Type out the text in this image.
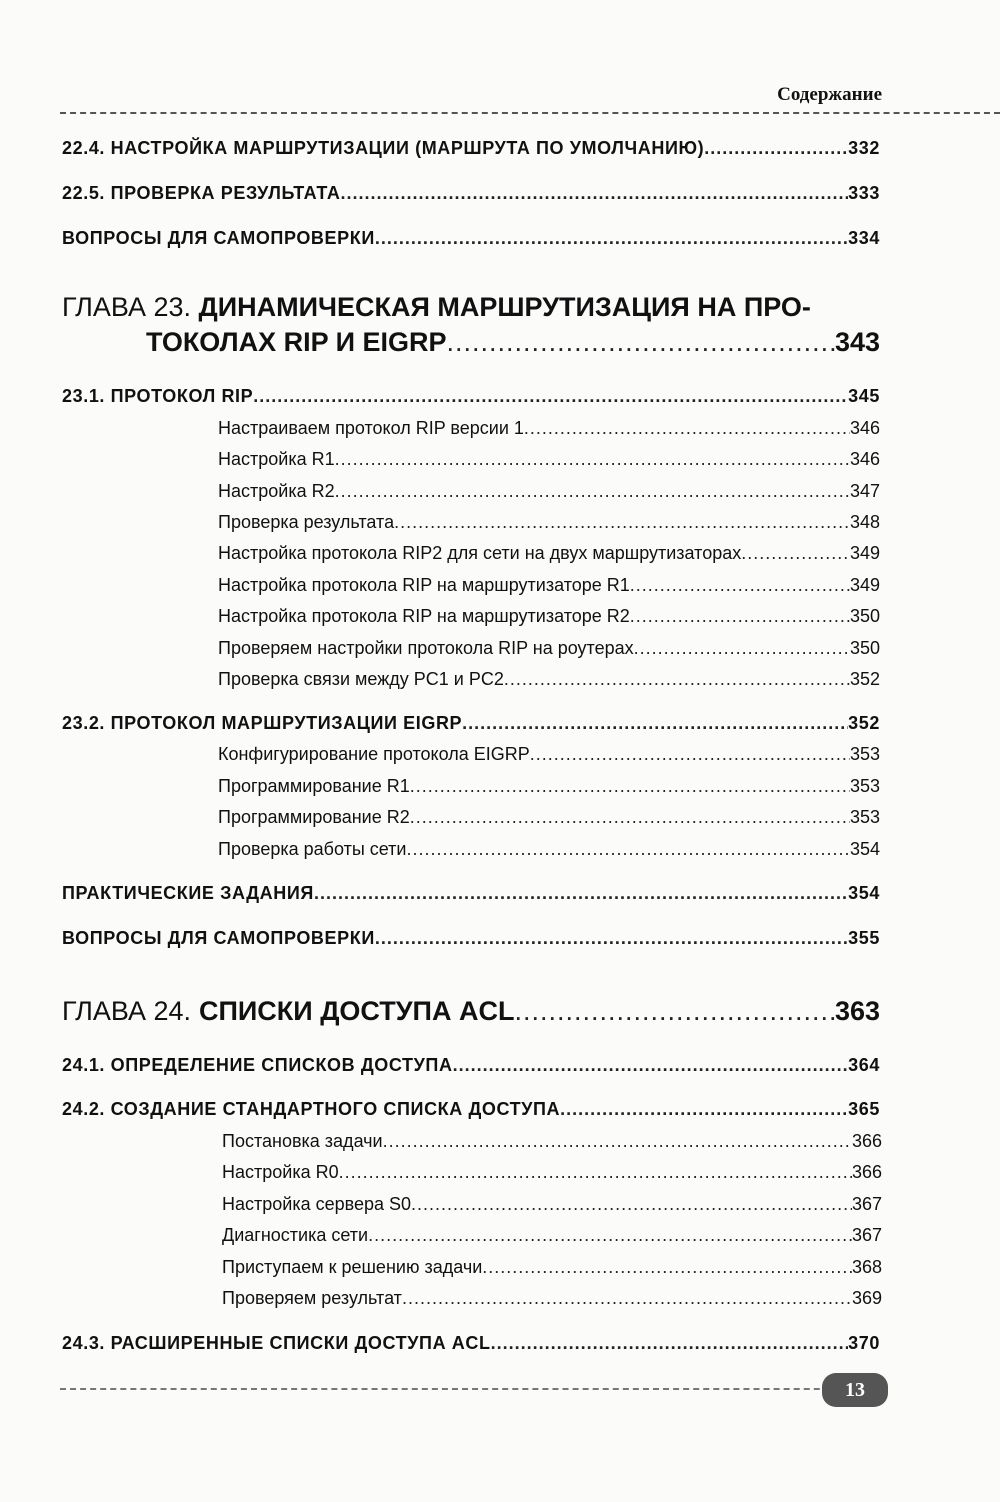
Содержание
22.4. НАСТРОЙКА МАРШРУТИЗАЦИИ (МАРШРУТА ПО УМОЛЧАНИЮ) .....	332
22.5. ПРОВЕРКА РЕЗУЛЬТАТА .....	333
ВОПРОСЫ ДЛЯ САМОПРОВЕРКИ .....	334
ГЛАВА 23. ДИНАМИЧЕСКАЯ МАРШРУТИЗАЦИЯ НА ПРО-
ТОКОЛАХ RIP И EIGRP .....	343
23.1. ПРОТОКОЛ RIP .....	345
Настраиваем протокол RIP версии 1 .....	346
Настройка R1 .....	346
Настройка R2 .....	347
Проверка результата .....	348
Настройка протокола RIP2 для сети на двух маршрутизаторах .....	349
Настройка протокола RIP на маршрутизаторе R1 .....	349
Настройка протокола RIP на маршрутизаторе R2 .....	350
Проверяем настройки протокола RIP на роутерах .....	350
Проверка связи между PC1 и PC2 .....	352
23.2. ПРОТОКОЛ МАРШРУТИЗАЦИИ EIGRP .....	352
Конфигурирование протокола EIGRP .....	353
Программирование R1 .....	353
Программирование R2 .....	353
Проверка работы сети .....	354
ПРАКТИЧЕСКИЕ ЗАДАНИЯ .....	354
ВОПРОСЫ ДЛЯ САМОПРОВЕРКИ .....	355
ГЛАВА 24. СПИСКИ ДОСТУПА ACL .....	363
24.1. ОПРЕДЕЛЕНИЕ СПИСКОВ ДОСТУПА .....	364
24.2. СОЗДАНИЕ СТАНДАРТНОГО СПИСКА ДОСТУПА .....	365
Постановка задачи .....	366
Настройка R0 .....	366
Настройка сервера S0 .....	367
Диагностика сети .....	367
Приступаем к решению задачи .....	368
Проверяем результат .....	369
24.3. РАСШИРЕННЫЕ СПИСКИ ДОСТУПА ACL .....	370
13
